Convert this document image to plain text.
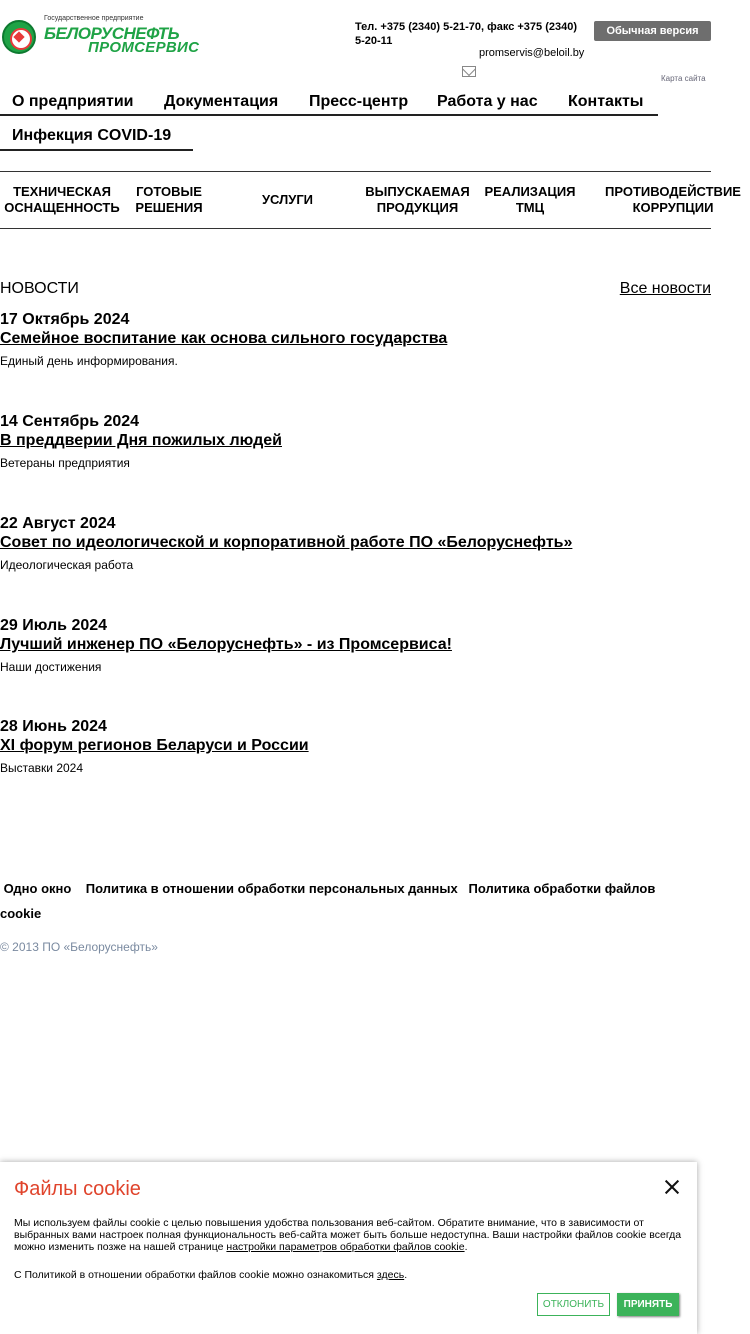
Государственное предприятие
БЕЛОРУСНЕФТЬ
ПРОМСЕРВИС
Тел. +375 (2340) 5-21-70, факс +375 (2340) 5-20-11
promservis@beloil.by
Обычная версия
Карта сайта
О предприятии Документация Пресс-центр Работа у нас Контакты
Инфекция COVID-19
ТЕХНИЧЕСКАЯ ОСНАЩЕННОСТЬ
ГОТОВЫЕ РЕШЕНИЯ
УСЛУГИ
ВЫПУСКАЕМАЯ ПРОДУКЦИЯ
РЕАЛИЗАЦИЯ ТМЦ
ПРОТИВОДЕЙСТВИЕ КОРРУПЦИИ
НОВОСТИ	Все новости
17 Октябрь 2024
Семейное воспитание как основа сильного государства
Единый день информирования.
14 Сентябрь 2024
В преддверии Дня пожилых людей
Ветераны предприятия
22 Август 2024
Совет по идеологической и корпоративной работе ПО «Белоруснефть»
Идеологическая работа
29 Июль 2024
Лучший инженер ПО «Белоруснефть» - из Промсервиса!
Наши достижения
28 Июнь 2024
XI форум регионов Беларуси и России
Выставки 2024
Одно окно Политика в отношении обработки персональных данных Политика обработки файлов cookie
© 2013 ПО «Белоруснефть»
Файлы cookie
Мы используем файлы cookie с целью повышения удобства пользования веб-сайтом. Обратите внимание, что в зависимости от выбранных вами настроек полная функциональность веб-сайта может быть больше недоступна. Ваши настройки файлов cookie всегда можно изменить позже на нашей странице настройки параметров обработки файлов cookie.
С Политикой в отношении обработки файлов cookie можно ознакомиться здесь.
ОТКЛОНИТЬ	ПРИНЯТЬ
